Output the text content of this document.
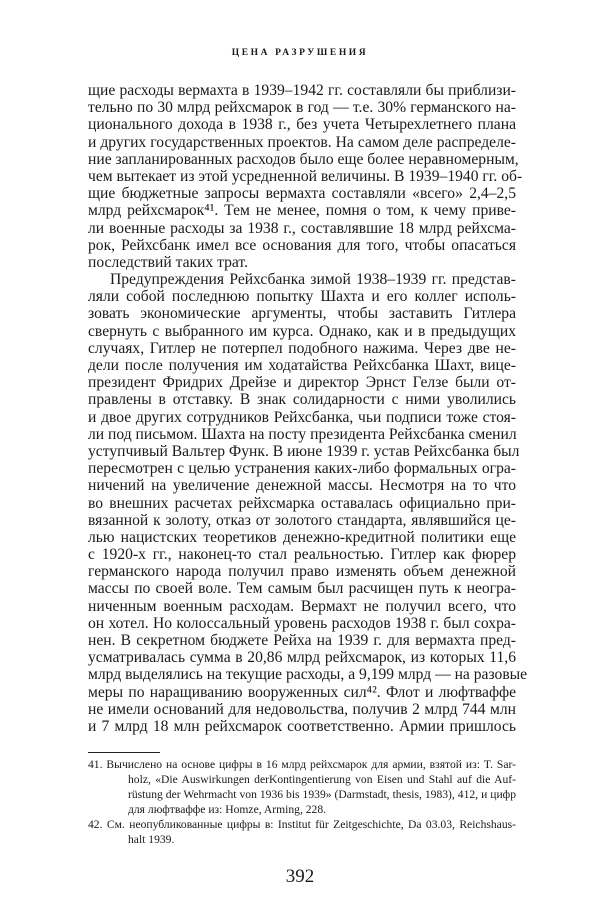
ЦЕНА РАЗРУШЕНИЯ
щие расходы вермахта в 1939–1942 гг. составляли бы приблизи-
тельно по 30 млрд рейхсмарок в год — т.е. 30% германского на-
ционального дохода в 1938 г., без учета Четырехлетнего плана
и других государственных проектов. На самом деле распределе-
ние запланированных расходов было еще более неравномерным,
чем вытекает из этой усредненной величины. В 1939–1940 гг. об-
щие бюджетные запросы вермахта составляли «всего» 2,4–2,5
млрд рейхсмарок⁴¹. Тем не менее, помня о том, к чему приве-
ли военные расходы за 1938 г., составлявшие 18 млрд рейхсма-
рок, Рейхсбанк имел все основания для того, чтобы опасаться
последствий таких трат.
Предупреждения Рейхсбанка зимой 1938–1939 гг. представ-
ляли собой последнюю попытку Шахта и его коллег исполь-
зовать экономические аргументы, чтобы заставить Гитлера
свернуть с выбранного им курса. Однако, как и в предыдущих
случаях, Гитлер не потерпел подобного нажима. Через две не-
дели после получения им ходатайства Рейхсбанка Шахт, вице-
президент Фридрих Дрейзе и директор Эрнст Гелзе были от-
правлены в отставку. В знак солидарности с ними уволились
и двое других сотрудников Рейхсбанка, чьи подписи тоже стоя-
ли под письмом. Шахта на посту президента Рейхсбанка сменил
уступчивый Вальтер Функ. В июне 1939 г. устав Рейхсбанка был
пересмотрен с целью устранения каких-либо формальных огра-
ничений на увеличение денежной массы. Несмотря на то что
во внешних расчетах рейхсмарка оставалась официально при-
вязанной к золоту, отказ от золотого стандарта, являвшийся це-
лью нацистских теоретиков денежно-кредитной политики еще
с 1920-х гг., наконец-то стал реальностью. Гитлер как фюрер
германского народа получил право изменять объем денежной
массы по своей воле. Тем самым был расчищен путь к неогра-
ниченным военным расходам. Вермахт не получил всего, что
он хотел. Но колоссальный уровень расходов 1938 г. был сохра-
нен. В секретном бюджете Рейха на 1939 г. для вермахта пред-
усматривалась сумма в 20,86 млрд рейхсмарок, из которых 11,6
млрд выделялись на текущие расходы, а 9,199 млрд — на разовые
меры по наращиванию вооруженных сил⁴². Флот и люфтваффе
не имели оснований для недовольства, получив 2 млрд 744 млн
и 7 млрд 18 млн рейхсмарок соответственно. Армии пришлось
41. Вычислено на основе цифры в 16 млрд рейхсмарок для армии, взятой из: T. Sar-
holz, «Die Auswirkungen derKontingentierung von Eisen und Stahl auf die Auf-
rüstung der Wehrmacht von 1936 bis 1939» (Darmstadt, thesis, 1983), 412, и цифр
для люфтваффе из: Homze, Arming, 228.
42. См. неопубликованные цифры в: Institut für Zeitgeschichte, Da 03.03, Reichshaus-
halt 1939.
392
